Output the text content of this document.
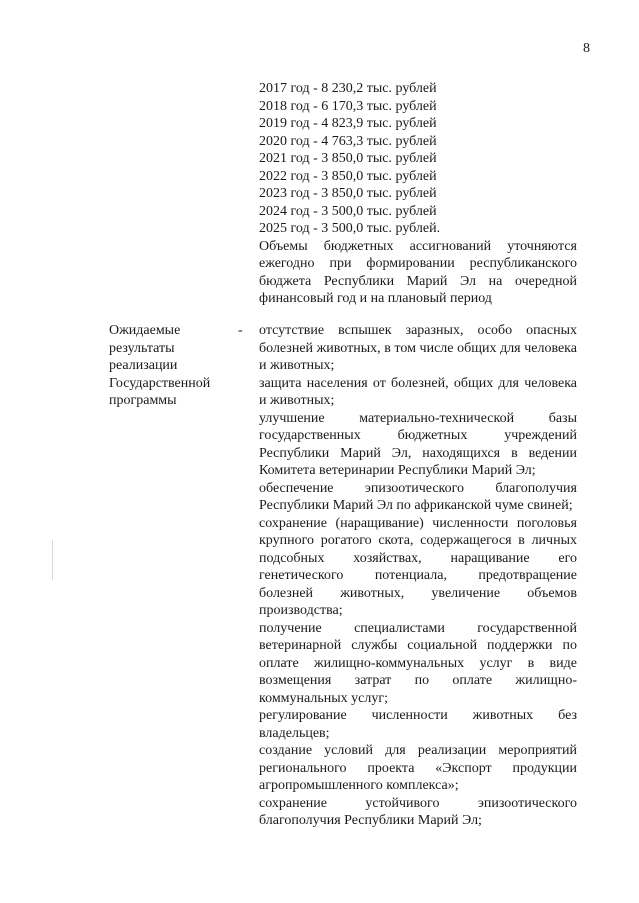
8
2017 год - 8 230,2 тыс. рублей
2018 год - 6 170,3 тыс. рублей
2019 год - 4 823,9 тыс. рублей
2020 год - 4 763,3 тыс. рублей
2021 год - 3 850,0 тыс. рублей
2022 год - 3 850,0 тыс. рублей
2023 год - 3 850,0 тыс. рублей
2024 год - 3 500,0 тыс. рублей
2025 год - 3 500,0 тыс. рублей.

Объемы бюджетных ассигнований уточняются ежегодно при формировании республиканского бюджета Республики Марий Эл на очередной финансовый год и на плановый период

Ожидаемые результаты реализации Государственной программы
- отсутствие вспышек заразных, особо опасных болезней животных, в том числе общих для человека и животных;

защита населения от болезней, общих для человека и животных;

улучшение материально-технической базы государственных бюджетных учреждений Республики Марий Эл, находящихся в ведении Комитета ветеринарии Республики Марий Эл;

обеспечение эпизоотического благополучия Республики Марий Эл по африканской чуме свиней;

сохранение (наращивание) численности поголовья крупного рогатого скота, содержащегося в личных подсобных хозяйствах, наращивание его генетического потенциала, предотвращение болезней животных, увеличение объемов производства;

получение специалистами государственной ветеринарной службы социальной поддержки по оплате жилищно-коммунальных услуг в виде возмещения затрат по оплате жилищно-коммунальных услуг;

регулирование численности животных без владельцев;

создание условий для реализации мероприятий регионального проекта «Экспорт продукции агропромышленного комплекса»;

сохранение устойчивого эпизоотического благополучия Республики Марий Эл;
